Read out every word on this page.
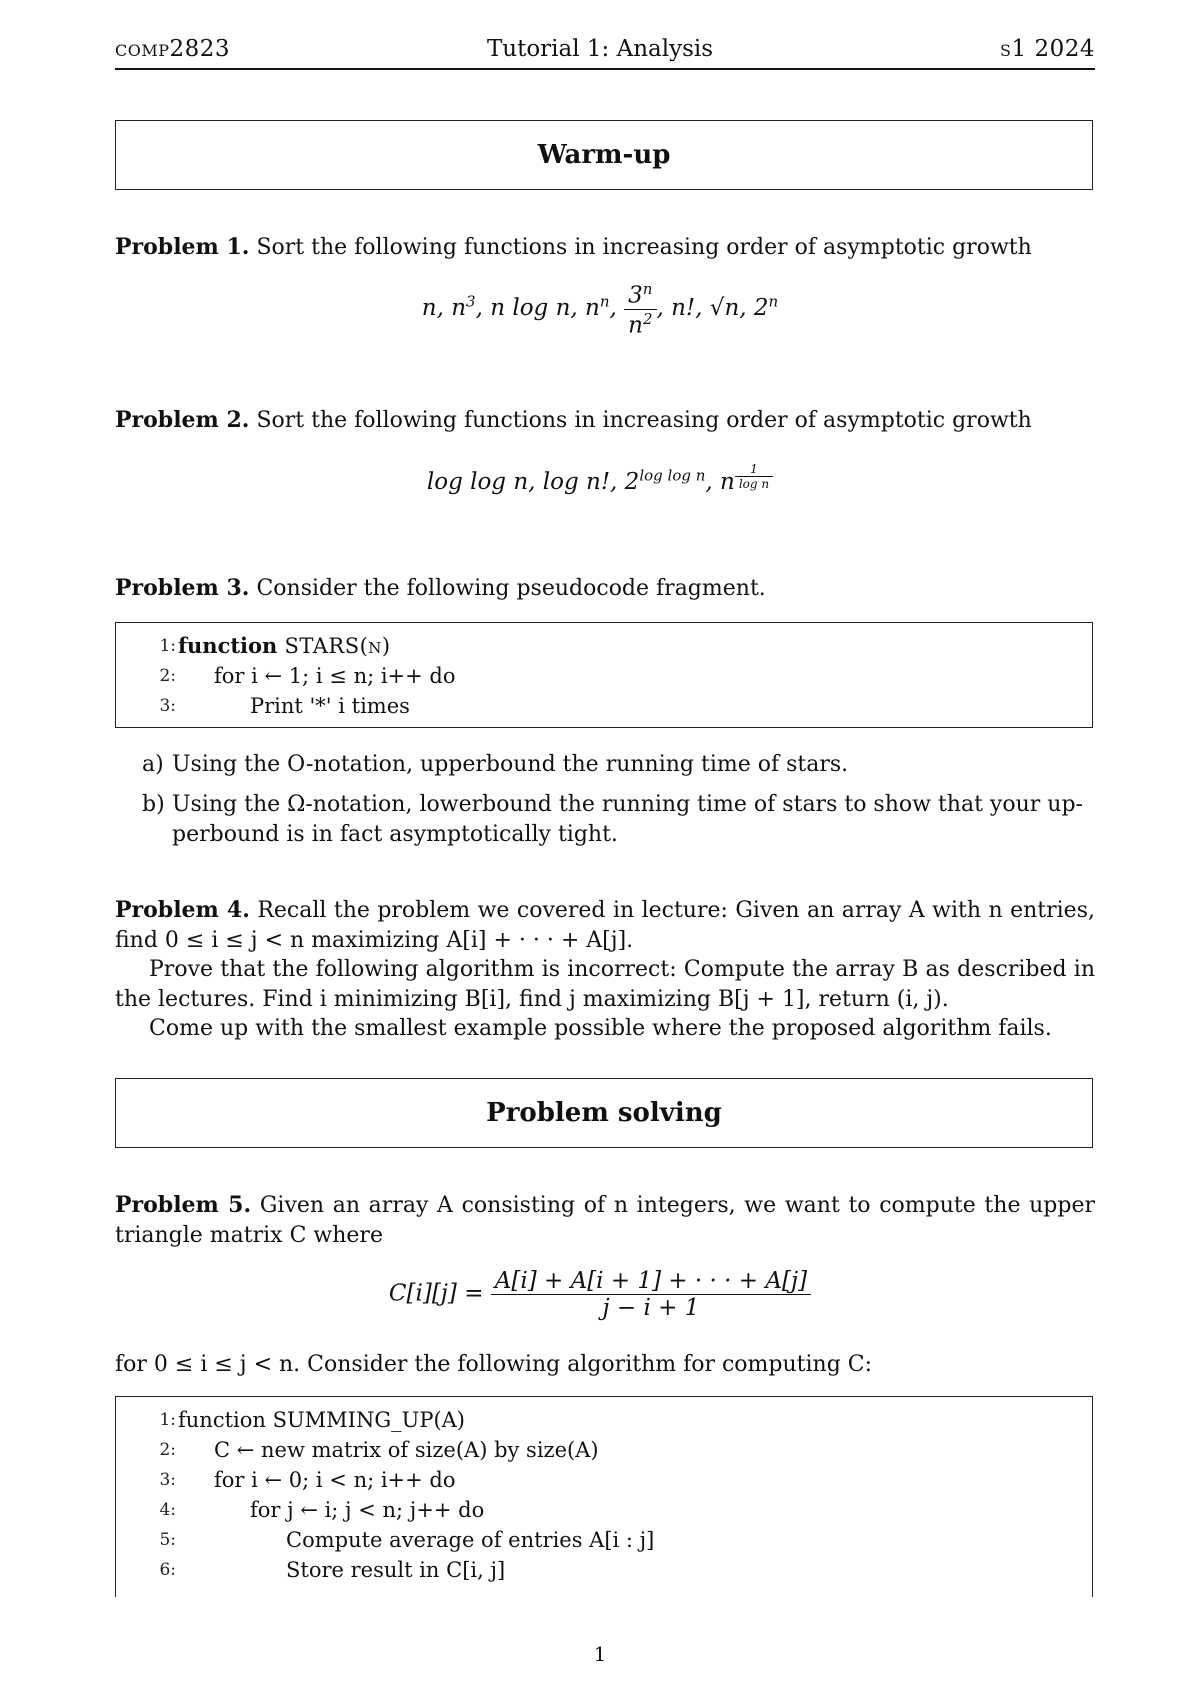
comp2823	Tutorial 1: Analysis	s1 2024
Warm-up
Problem 1. Sort the following functions in increasing order of asymptotic growth
n, $n^3$, n log n, $n^n$, $\frac{3^n}{n^2}$ , n!, √n, 2$^n$
Problem 2. Sort the following functions in increasing order of asymptotic growth
log log n, log n!, $2^{log log n}$, n $^{\frac{1}{\text{log n}}}$
Problem 3. Consider the following pseudocode fragment.
1: function STARS(n)
2: for i ← 1; i ≤ n; i++ do
3:	Print '*' i times
a) Using the O-notation, upperbound the running time of stars.
b) Using the Ω-notation, lowerbound the running time of stars to show that your up-perbound is in fact asymptotically tight.
Problem 4. Recall the problem we covered in lecture: Given an array A with n entries, find 0 ≤ i ≤ j < n maximizing A[i] + · · · + A[j].
Prove that the following algorithm is incorrect: Compute the array B as described in the lectures. Find i minimizing B[i], find j maximizing B[j + 1], return (i, j).
Come up with the smallest example possible where the proposed algorithm fails.
Problem solving
Problem 5. Given an array A consisting of n integers, we want to compute the upper triangle matrix C where
$C[i][j] = \frac{A[i] + A[i + 1] + \cdot \cdot \cdot + A[j]}{j - i + 1}$
for 0 ≤ i ≤ j < n. Consider the following algorithm for computing C:
1: function SUMMING_UP(A)
2: C ← new matrix of size(A) by size(A)
3: for i ← 0; i < n; i++ do
4:	for j ← i; j < n; j++ do
5:	Compute average of entries A[i : j]
6:	Store result in C[i, j]
1
